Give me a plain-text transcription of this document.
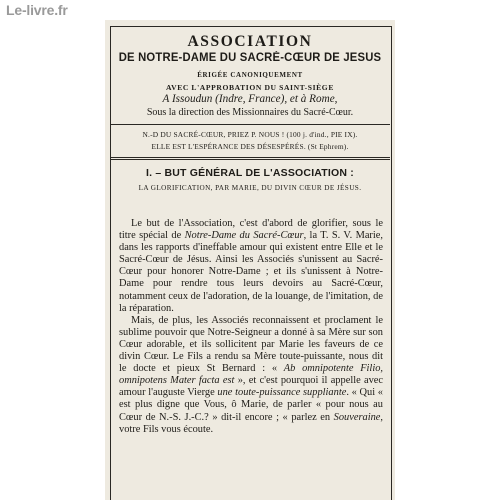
Le-livre.fr
ASSOCIATION
DE NOTRE-DAME DU SACRÉ-CŒUR DE JESUS
ÉRIGÉE CANONIQUEMENT
AVEC L'APPROBATION DU SAINT-SIÈGE
A Issoudun (Indre, France), et à Rome,
Sous la direction des Missionnaires du Sacré-Cœur.
N.-D DU SACRÉ-CŒUR, PRIEZ P. NOUS ! (100 j. d'ind., PIE IX).
ELLE EST L'ESPÉRANCE DES DÉSESPÉRÉS. (St Ephrem).
I. – BUT GÉNÉRAL DE L'ASSOCIATION :
LA GLORIFICATION, PAR MARIE, DU DIVIN CŒUR DE JÉSUS.

Le but de l'Association, c'est d'abord de glorifier, sous le titre spécial de Notre-Dame du Sacré-Cœur, la T. S. V. Marie, dans les rapports d'ineffable amour qui existent entre Elle et le Sacré-Cœur de Jésus. Ainsi les Associés s'unissent au Sacré-Cœur pour honorer Notre-Dame ; et ils s'unissent à Notre-Dame pour rendre tous leurs devoirs au Sacré-Cœur, notamment ceux de l'adoration, de la louange, de l'imitation, de la réparation.

Mais, de plus, les Associés reconnaissent et proclament le sublime pouvoir que Notre-Seigneur a donné à sa Mère sur son Cœur adorable, et ils sollicitent par Marie les faveurs de ce divin Cœur. Le Fils a rendu sa Mère toute-puissante, nous dit le docte et pieux St Bernard : « Ab omnipotente Filio, omnipotens Mater facta est », et c'est pourquoi il appelle avec amour l'auguste Vierge une toute-puissance suppliante. « Qui « est plus digne que Vous, ô Marie, de parler « pour nous au Cœur de N.-S. J.-C.? » dit-il encore ; « parlez en Souveraine, votre Fils vous écoute.
